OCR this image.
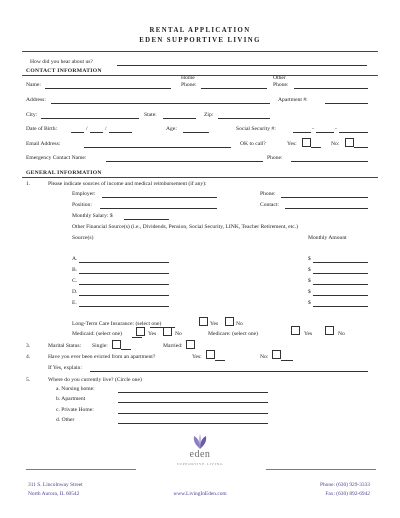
RENTAL APPLICATION
EDEN SUPPORTIVE LIVING
How did you hear about us?
CONTACT INFORMATION
Home	Other
Name:	Phone:	Phone:
Address:	Apartment #:
City:	State:	Zip:
Date of Birth:	/	/	Age:	Social Security #:	-	-
Email Address:	OK to call?	Yes:	No:
Emergency Contact Name:	Phone:
GENERAL INFORMATION
1.	Please indicate sources of income and medical reimbursement (if any):
Employer:	Phone:
Position:	Contact:
Monthly Salary: $
Other Financial Source(s) (i.e., Dividends, Pension, Social Security, LINK, Teacher Retirement, etc.)
Source(s)	Monthly Amount
A.	$
B.	$
C.	$
D.	$
E.	$
Long-Term Care Insurance: (select one)	Yes	No
Medicaid: (select one)	Yes	No	Medicare: (select one)	Yes	No
3.	Marital Status: Single:	Married:
4.	Have you ever been evicted from an apartment?	Yes:	No:
If Yes, explain:
5.	Where do you currently live? (Circle one)
a. Nursing home:
b. Apartment
c. Private Home:
d. Other
eden
SUPPORTIVE LIVING
311 S. Lincolnway Street
North Aurora, IL 60542	www.LivingInEden.com
Phone: (630) 929-3333
Fax: (630) 892-6942
